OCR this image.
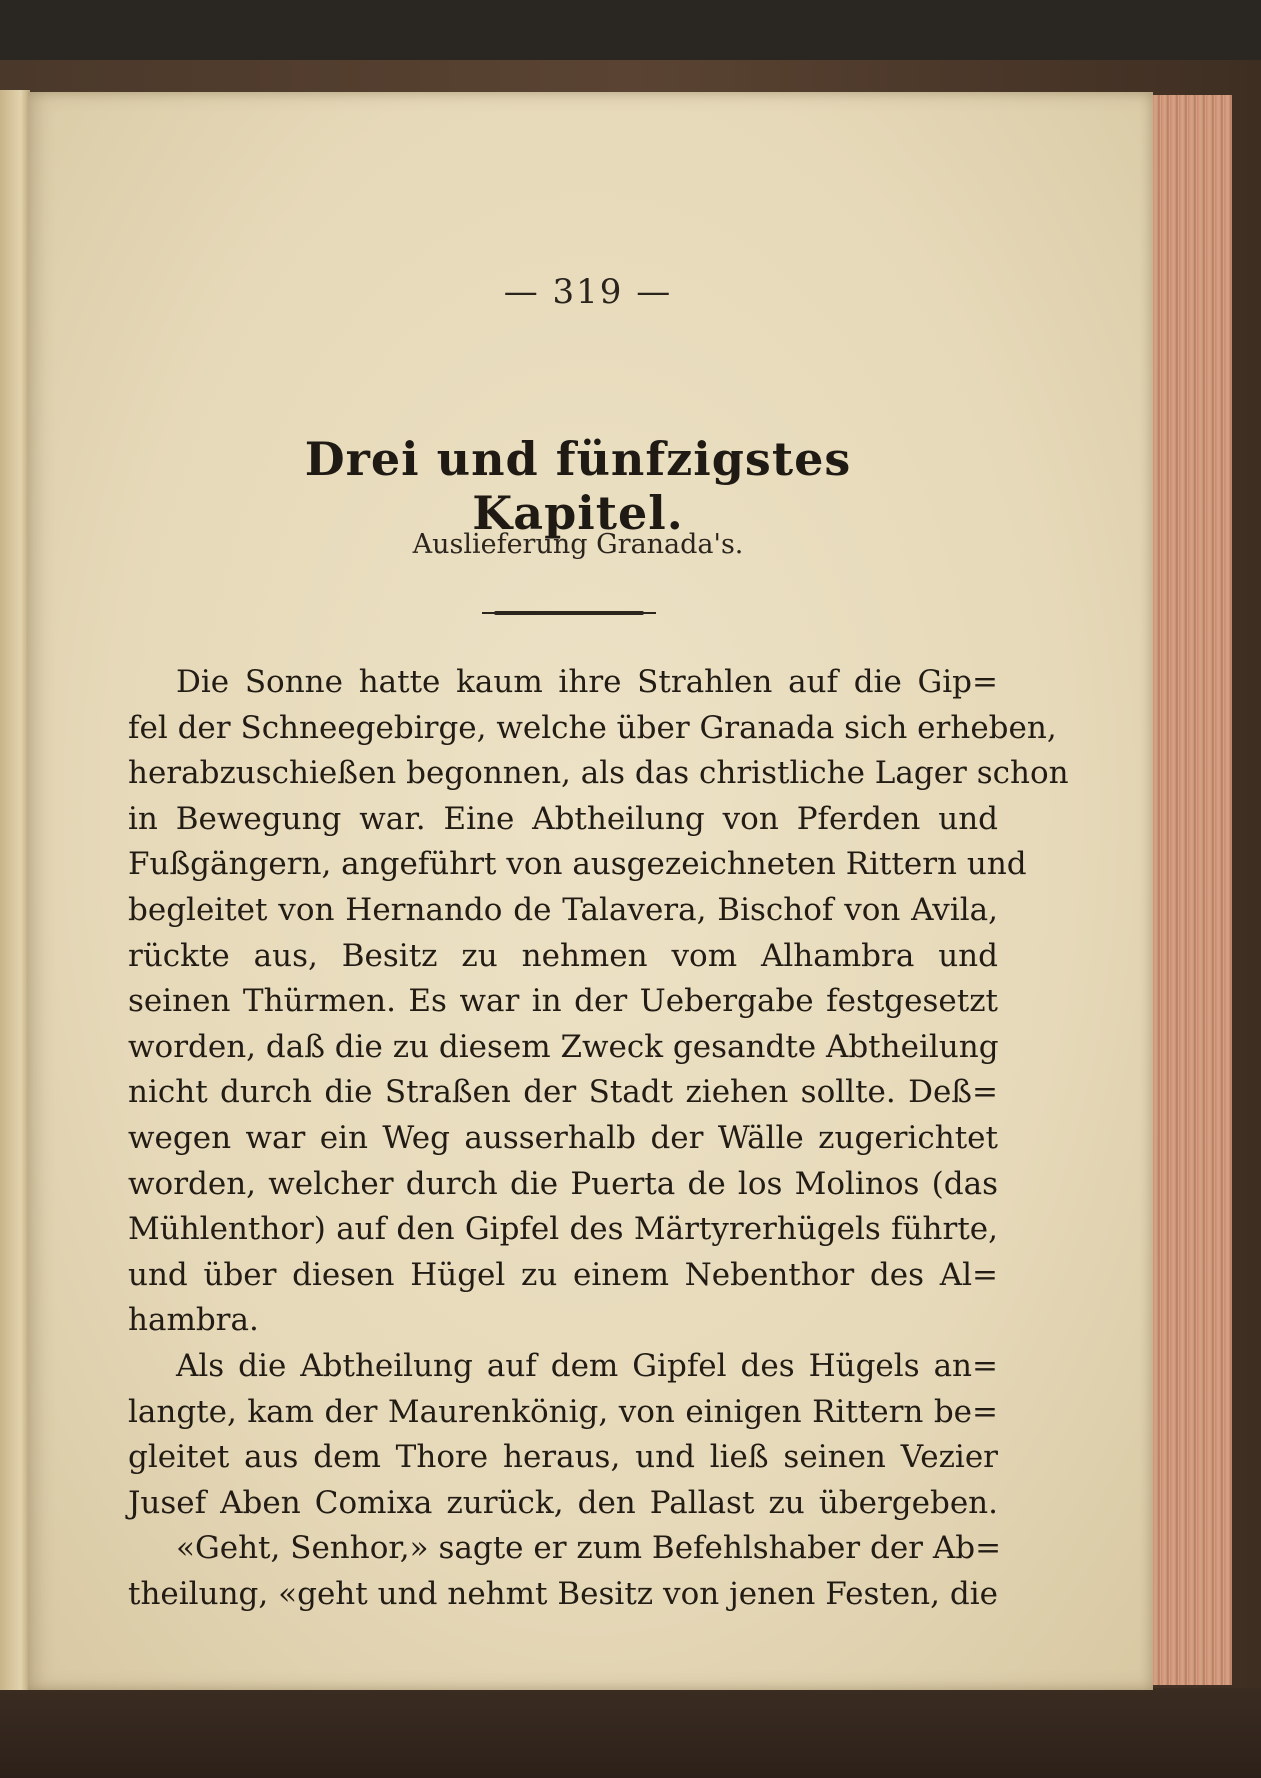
— 319 —
Drei und fünfzigstes Kapitel.
Auslieferung Granada's.
Die Sonne hatte kaum ihre Strahlen auf die Gip=
fel der Schneegebirge, welche über Granada sich erheben,
herabzuschießen begonnen, als das christliche Lager schon
in Bewegung war. Eine Abtheilung von Pferden und
Fußgängern, angeführt von ausgezeichneten Rittern und
begleitet von Hernando de Talavera, Bischof von Avila,
rückte aus, Besitz zu nehmen vom Alhambra und
seinen Thürmen. Es war in der Uebergabe festgesetzt
worden, daß die zu diesem Zweck gesandte Abtheilung
nicht durch die Straßen der Stadt ziehen sollte. Deß=
wegen war ein Weg ausserhalb der Wälle zugerichtet
worden, welcher durch die Puerta de los Molinos (das
Mühlenthor) auf den Gipfel des Märtyrerhügels führte,
und über diesen Hügel zu einem Nebenthor des Al=
hambra.
Als die Abtheilung auf dem Gipfel des Hügels an=
langte, kam der Maurenkönig, von einigen Rittern be=
gleitet aus dem Thore heraus, und ließ seinen Vezier
Jusef Aben Comixa zurück, den Pallast zu übergeben.
«Geht, Senhor,» sagte er zum Befehlshaber der Ab=
theilung, «geht und nehmt Besitz von jenen Festen, die
